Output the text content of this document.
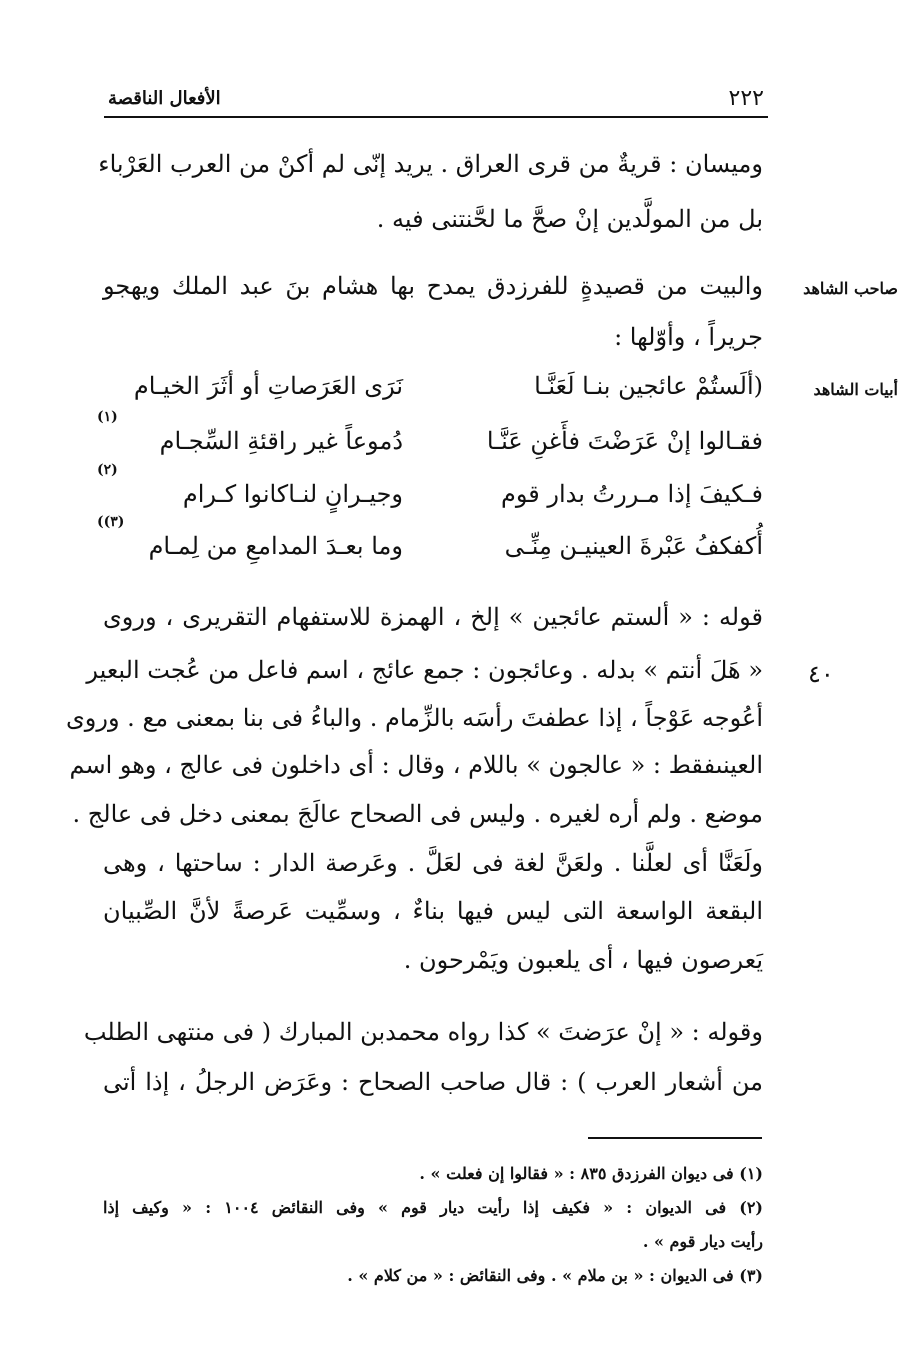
٢٢٢
الأفعال الناقصة
وميسان : قريةٌ من قرى العراق . يريد إنّى لم أكنْ من العرب العَرْباء
بل من المولَّدين إنْ صحَّ ما لحَّنتنى فيه .
صاحب الشاهد
والبيت من قصيدةٍ للفرزدق يمدح بها هشام بنَ عبد الملك ويهجو
جريراً ، وأوّلها :
أبيات الشاهد
(ألَستُمْ عائجين بنـا لَعَنَّـا
نَرَى العَرَصاتِ أو أثَرَ الخيـام
فقـالوا إنْ عَرَضْتَ فأَغنِ عَنَّـا
دُموعاً غير راقئةِ السِّجـام
(١)
فـكيفَ إذا مـررتُ بدار قوم
وجيـرانٍ لنـاكانوا كـرام
(٢)
أُكفكفُ عَبْرةَ العينيـن مِنِّـى
وما بعـدَ المدامعِ من لِمـام
(٣))
قوله : « ألستم عائجين » إلخ ، الهمزة للاستفهام التقريرى ، وروى
٤٠
« هَلَ أنتم » بدله . وعائجون : جمع عائج ، اسم فاعل من عُجت البعير
أعُوجه عَوْجاً ، إذا عطفتَ رأسَه بالزِّمام . والباءُ فى بنا بمعنى مع . وروى
العينىفقط : « عالجون » باللام ، وقال : أى داخلون فى عالج ، وهو اسم
موضع . ولم أره لغيره . وليس فى الصحاح عالَجَ بمعنى دخل فى عالج .
ولَعَنَّا أى لعلَّنا . ولعَنَّ لغة فى لعَلَّ . وعَرصة الدار : ساحتها ، وهى
البقعة الواسعة التى ليس فيها بناءٌ ، وسمِّيت عَرصةً لأنَّ الصِّبيان
يَعرصون فيها ، أى يلعبون ويَمْرحون .
وقوله : « إنْ عرَضتَ » كذا رواه محمدبن المبارك ( فى منتهى الطلب
من أشعار العرب ) : قال صاحب الصحاح : وعَرَض الرجلُ ، إذا أتى
(١) فى ديوان الفرزدق ٨٣٥ : « فقالوا إن فعلت » .
(٢) فى الديوان : « فكيف إذا رأيت ديار قوم » وفى النقائض ١٠٠٤ : « وكيف إذا
رأيت ديار قوم » .
(٣) فى الديوان : « بن ملام » . وفى النقائض : « من كلام » .
